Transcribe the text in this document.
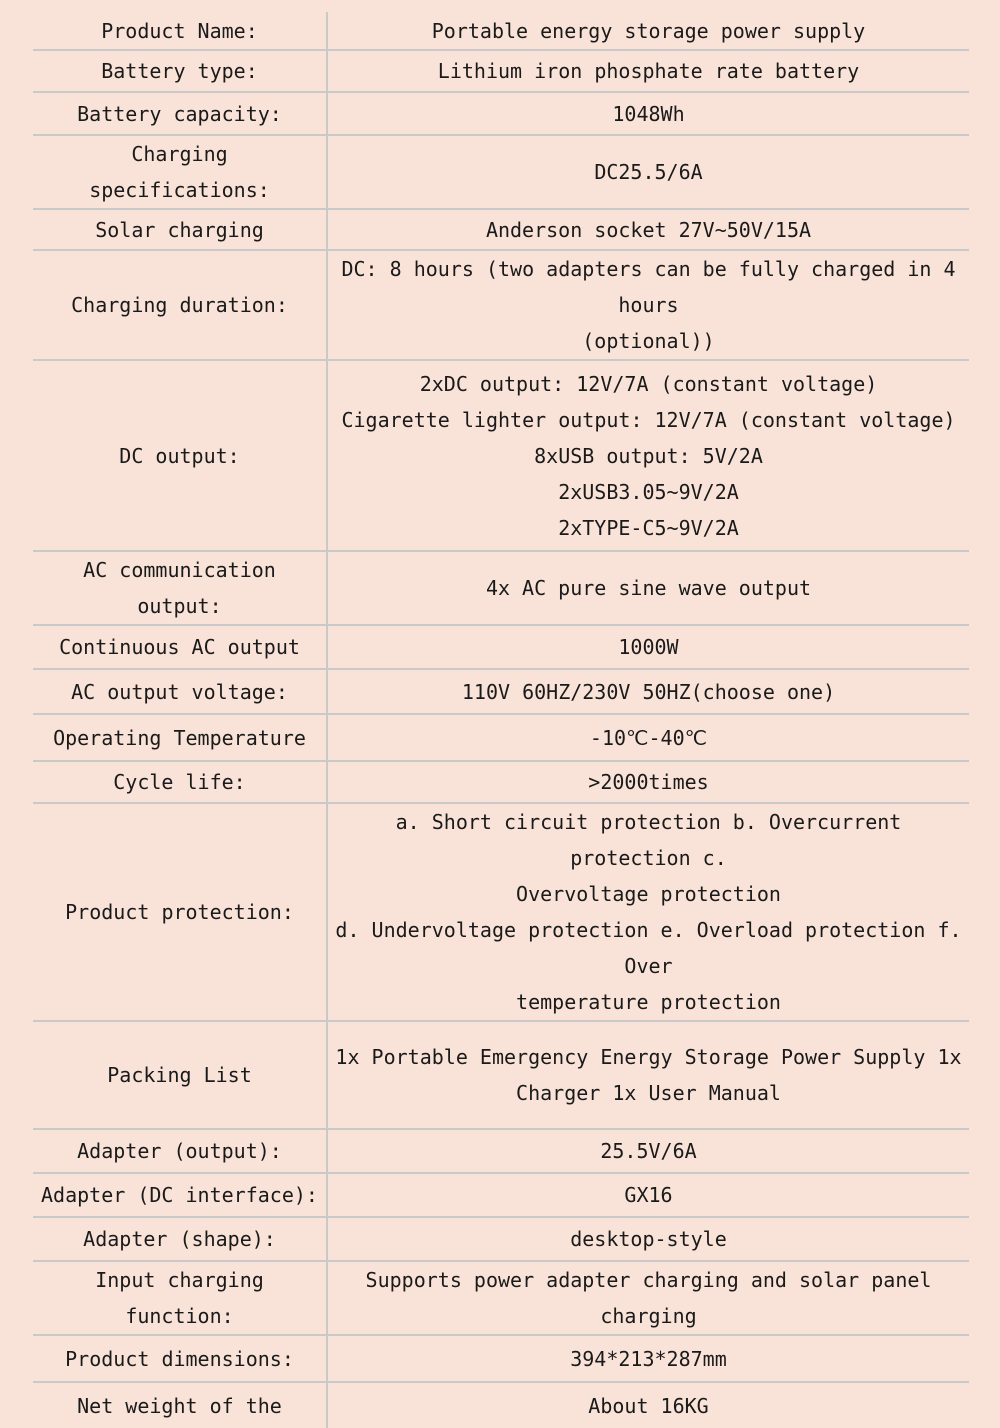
Product Name:	Portable energy storage power supply

Battery type:	Lithium iron phosphate rate battery

Battery capacity:	1048Wh

Charging specifications:	DC25.5/6A

Solar charging	Anderson socket 27V~50V/15A

Charging duration:	DC: 8 hours (two adapters can be fully charged in 4 hours
(optional))

DC output:	2xDC output: 12V/7A (constant voltage)
Cigarette lighter output: 12V/7A (constant voltage)
8xUSB output: 5V/2A
2xUSB3.05~9V/2A
2xTYPE-C5~9V/2A

AC communication output:	4x AC pure sine wave output

Continuous AC output	1000W

AC output voltage:	110V 60HZ/230V 50HZ(choose one)

Operating Temperature	-10℃-40℃

Cycle life:	>2000times

Product protection:	a. Short circuit protection b. Overcurrent protection c.
Overvoltage protection
d. Undervoltage protection e. Overload protection f. Over
temperature protection

Packing List	1x Portable Emergency Energy Storage Power Supply 1x
Charger 1x User Manual

Adapter (output):	25.5V/6A

Adapter (DC interface):	GX16

Adapter (shape):	desktop-style

Input charging function:	Supports power adapter charging and solar panel charging

Product dimensions:	394*213*287mm

Net weight of the	About 16KG
